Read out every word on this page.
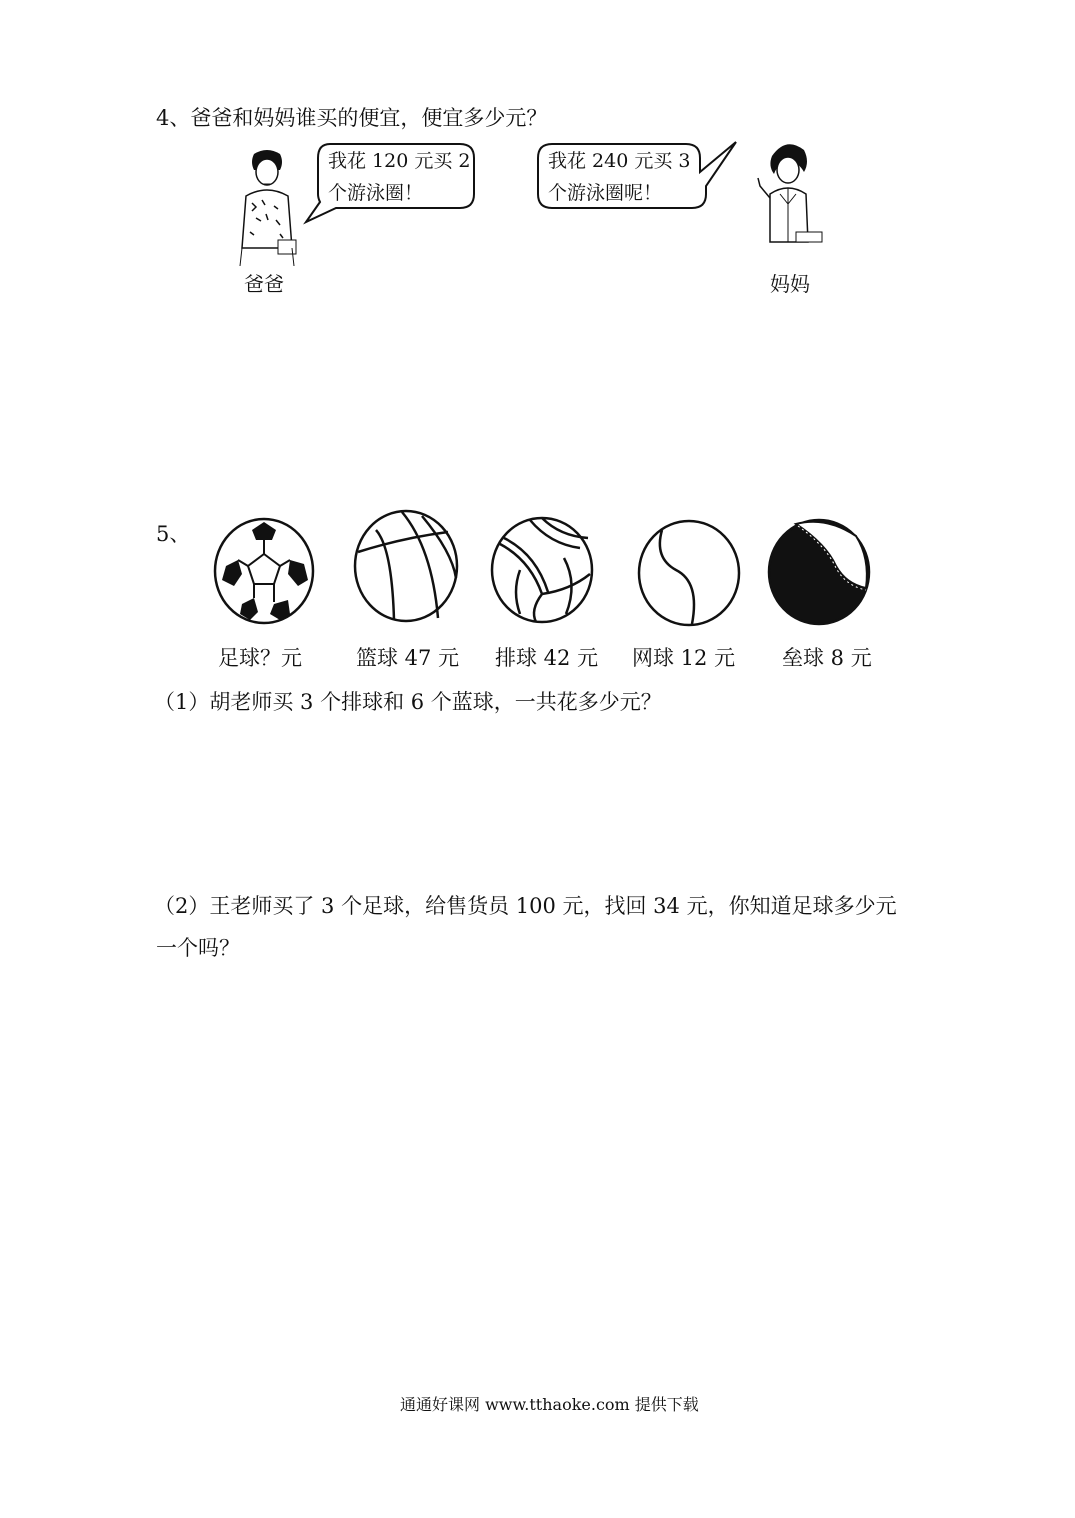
4、爸爸和妈妈谁买的便宜，便宜多少元？
我花 120 元买 2
个游泳圈！
我花 240 元买 3
个游泳圈呢！
爸爸	妈妈
5、
足球？元	篮球 47 元 排球 42 元 网球 12 元 垒球 8 元
（1）胡老师买 3 个排球和 6 个蓝球，一共花多少元？
（2）王老师买了 3 个足球，给售货员 100 元，找回 34 元，你知道足球多少元
一个吗？
通通好课网 www.tthaoke.com 提供下载
